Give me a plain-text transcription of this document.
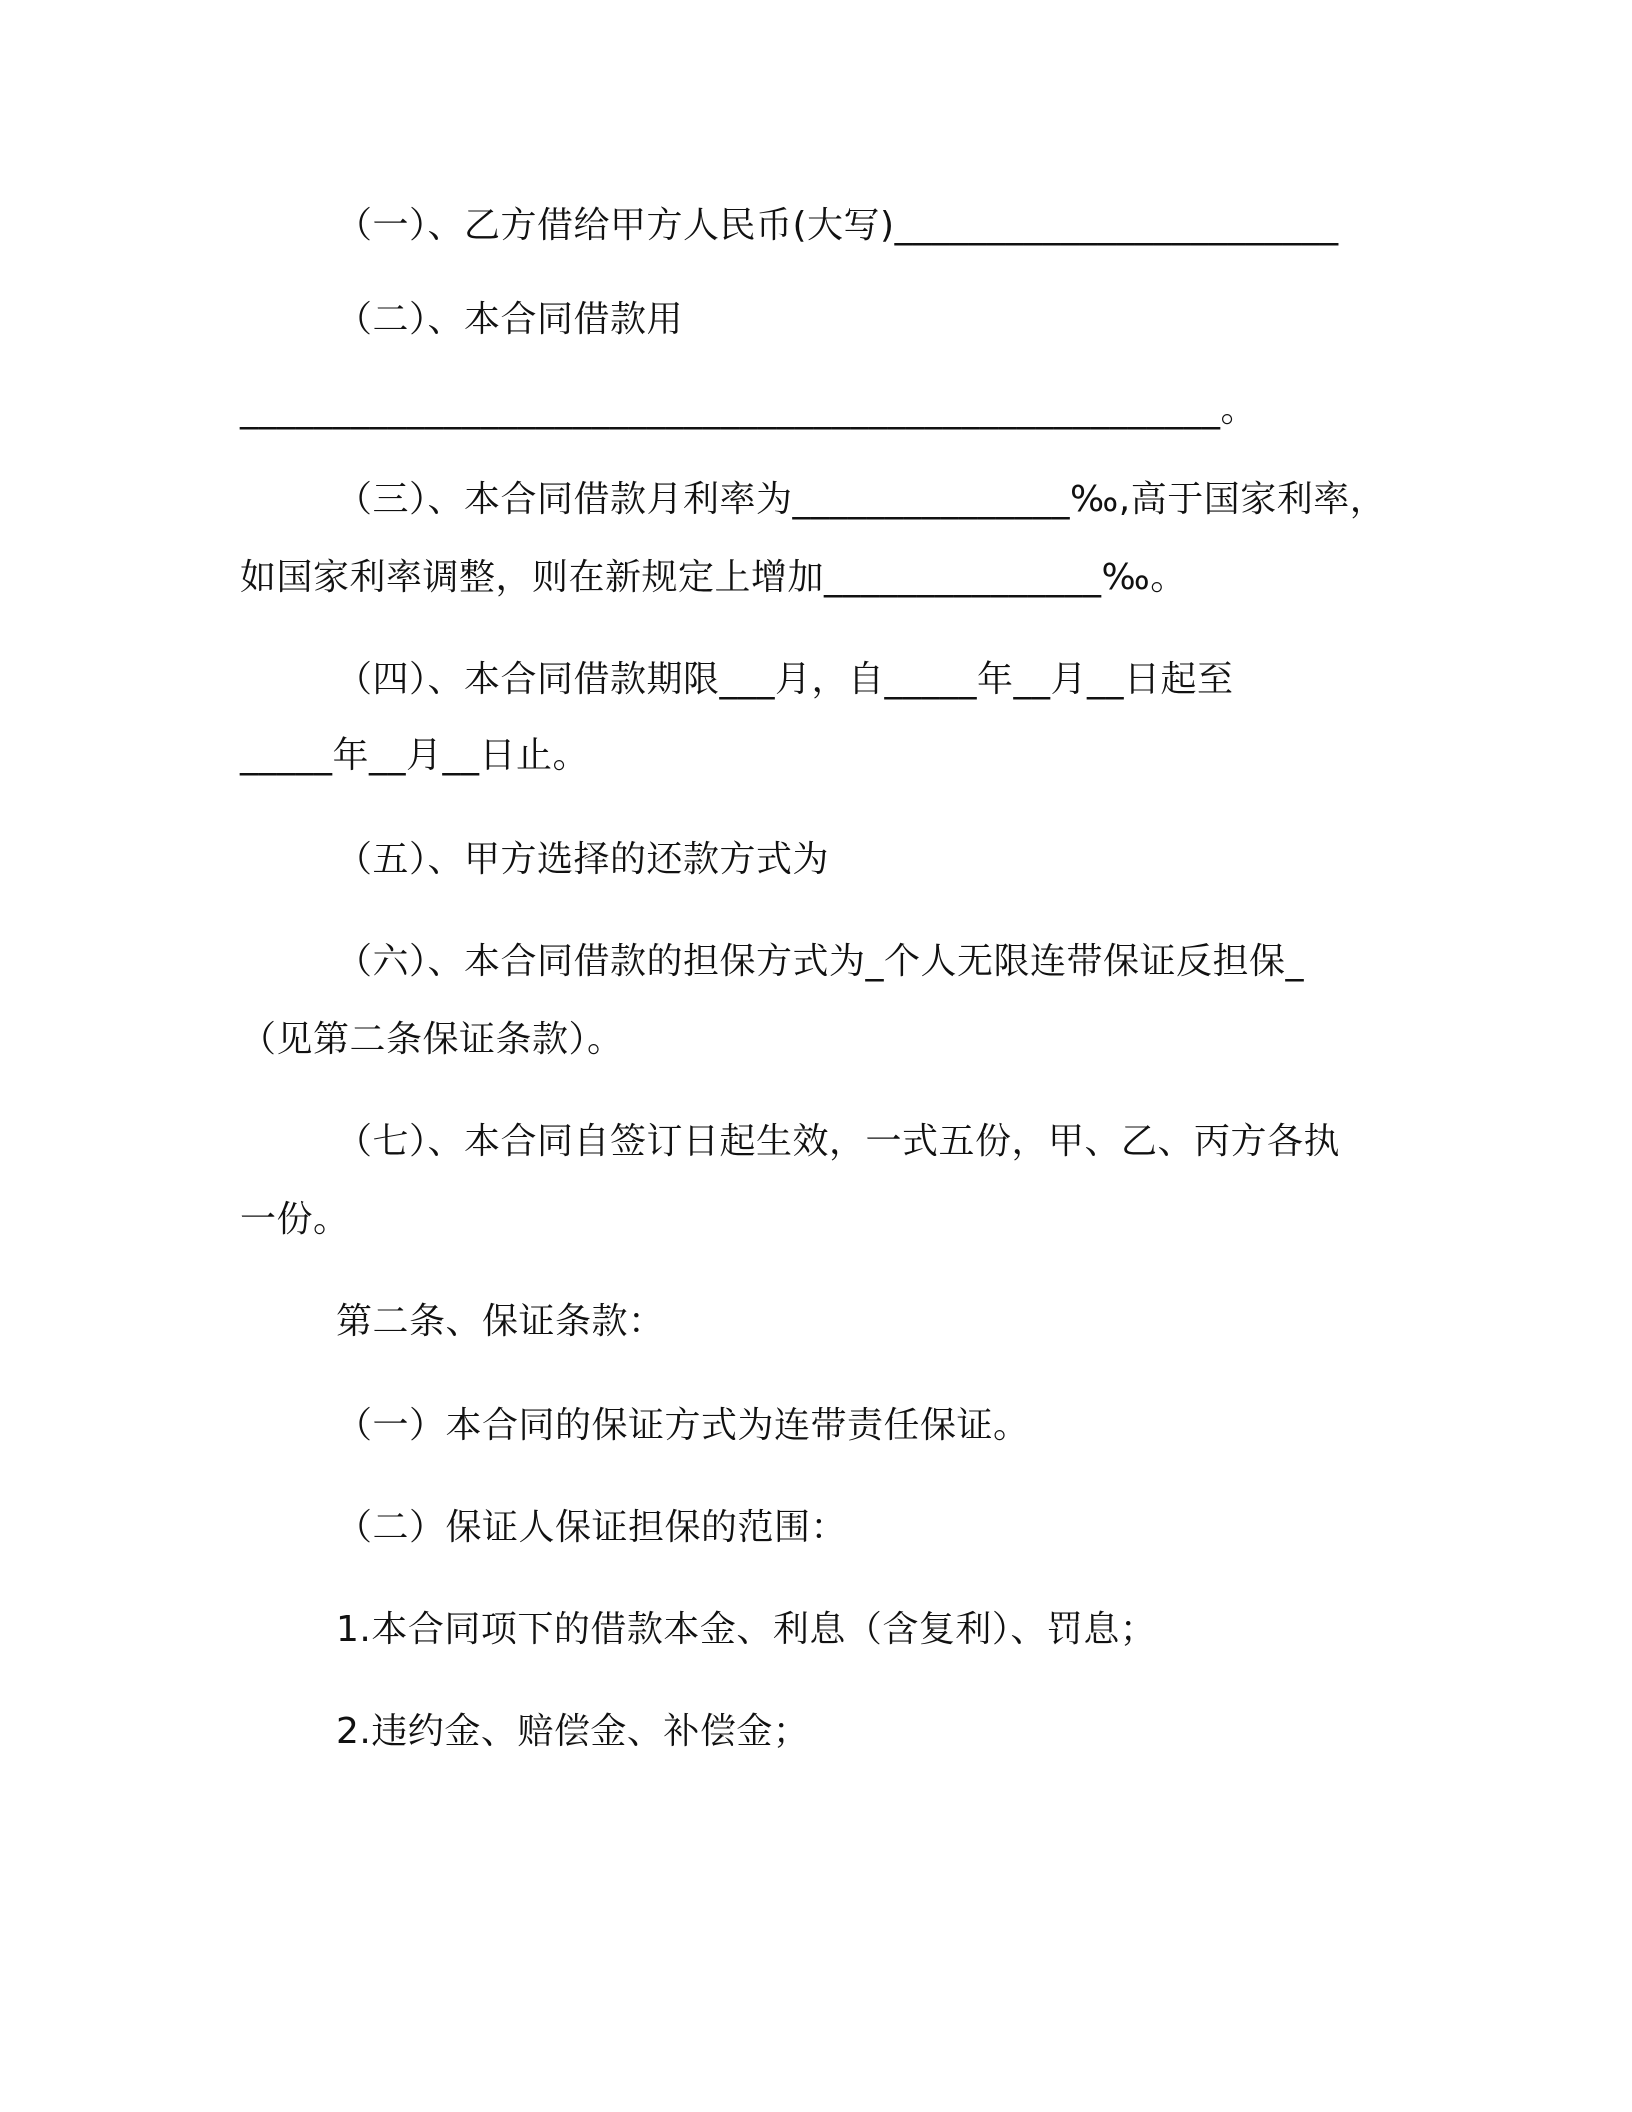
（一）、乙方借给甲方人民币(大写)________________________
（二）、本合同借款用
_____________________________________________________。
（三）、本合同借款月利率为_______________‰,高于国家利率，
如国家利率调整，则在新规定上增加_______________‰。
（四）、本合同借款期限___月，自_____年__月__日起至
_____年__月__日止。
（五）、甲方选择的还款方式为
（六）、本合同借款的担保方式为_个人无限连带保证反担保_
（见第二条保证条款）。
（七）、本合同自签订日起生效，一式五份，甲、乙、丙方各执
一份。
第二条、保证条款：
（一）本合同的保证方式为连带责任保证。
（二）保证人保证担保的范围：
1.本合同项下的借款本金、利息（含复利）、罚息；
2.违约金、赔偿金、补偿金；
